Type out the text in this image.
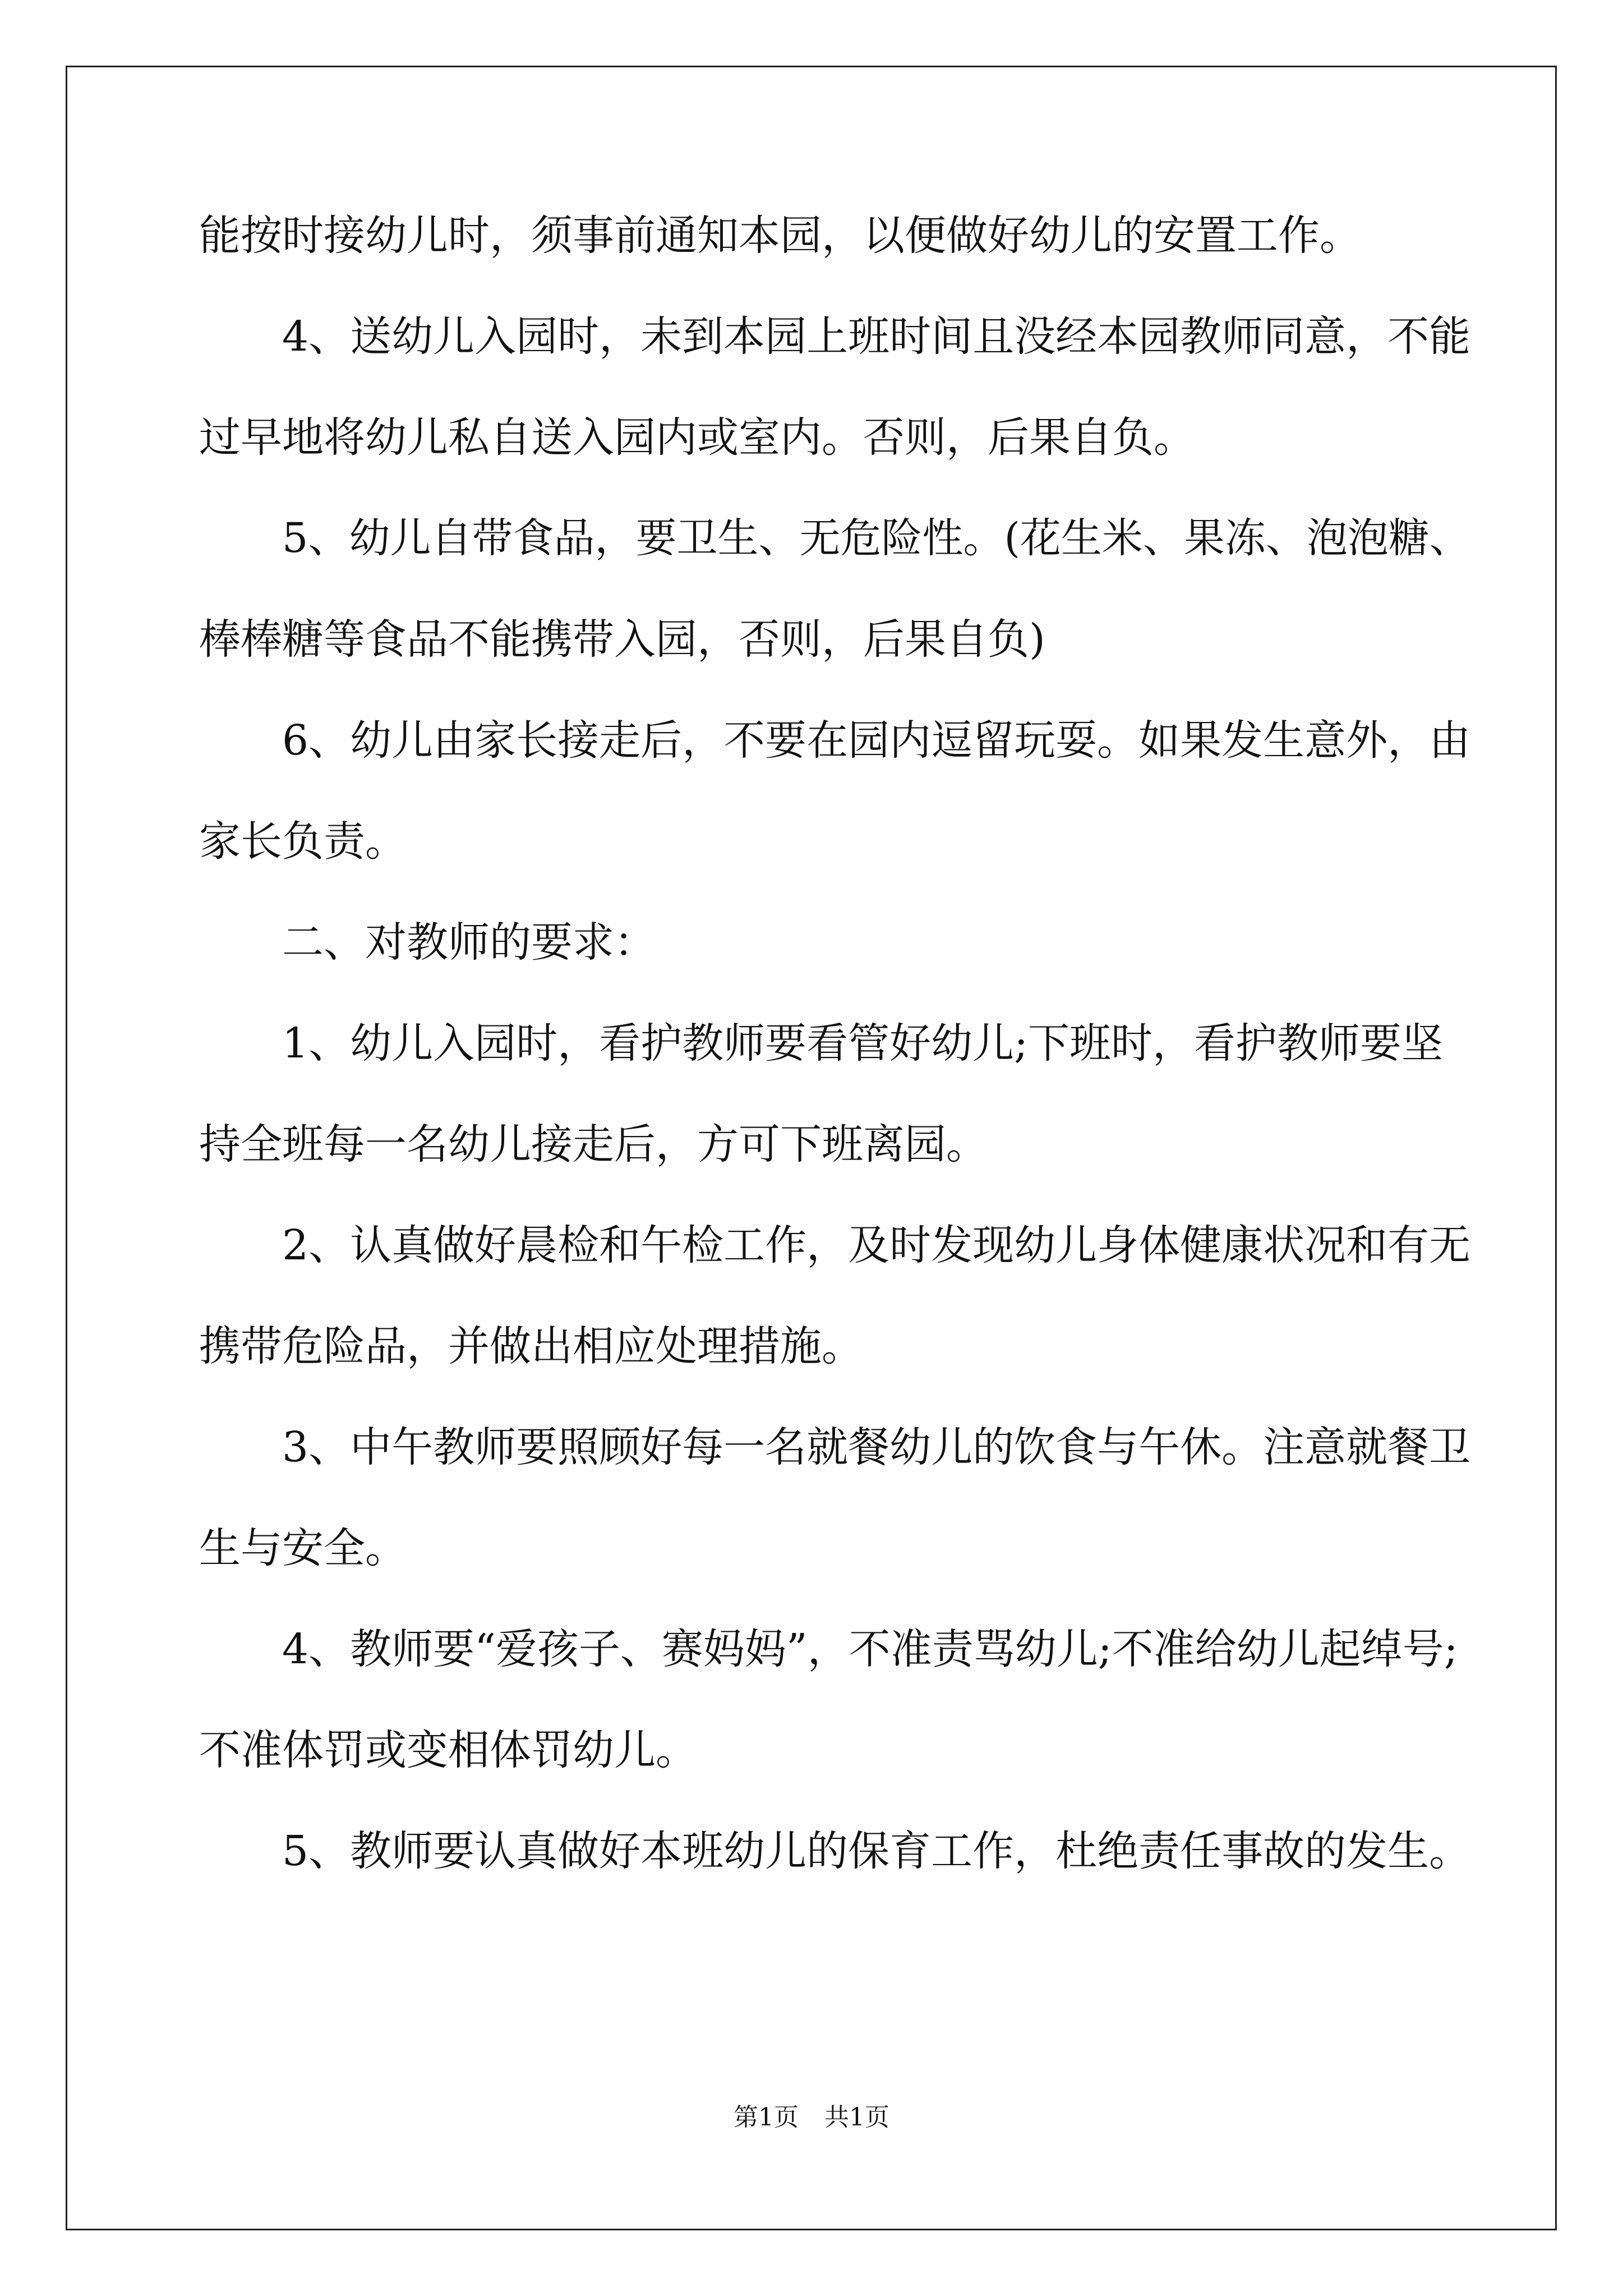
能按时接幼儿时，须事前通知本园，以便做好幼儿的安置工作。
4、送幼儿入园时，未到本园上班时间且没经本园教师同意，不能
过早地将幼儿私自送入园内或室内。否则，后果自负。
5、幼儿自带食品，要卫生、无危险性。(花生米、果冻、泡泡糖、
棒棒糖等食品不能携带入园，否则，后果自负)
6、幼儿由家长接走后，不要在园内逗留玩耍。如果发生意外，由
家长负责。
二、对教师的要求：
1、幼儿入园时，看护教师要看管好幼儿;下班时，看护教师要坚
持全班每一名幼儿接走后，方可下班离园。
2、认真做好晨检和午检工作，及时发现幼儿身体健康状况和有无
携带危险品，并做出相应处理措施。
3、中午教师要照顾好每一名就餐幼儿的饮食与午休。注意就餐卫
生与安全。
4、教师要“爱孩子、赛妈妈”，不准责骂幼儿;不准给幼儿起绰号;
不准体罚或变相体罚幼儿。
5、教师要认真做好本班幼儿的保育工作，杜绝责任事故的发生。
第1页 共1页
